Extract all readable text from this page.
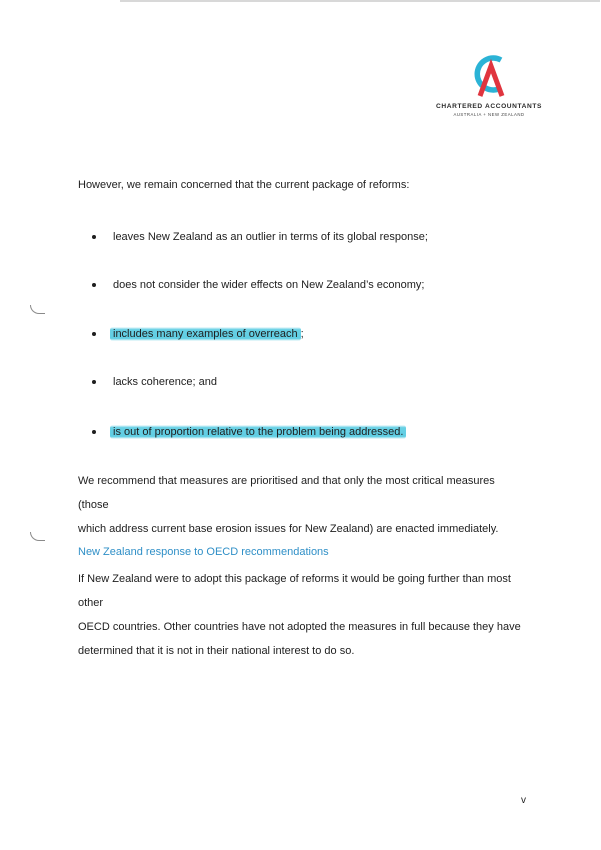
CHARTERED ACCOUNTANTS
AUSTRALIA + NEW ZEALAND
However, we remain concerned that the current package of reforms:
leaves New Zealand as an outlier in terms of its global response;
does not consider the wider effects on New Zealand’s economy;
includes many examples of overreach ;
lacks coherence; and
is out of proportion relative to the problem being addressed.
We recommend that measures are prioritised and that only the most critical measures (those
which address current base erosion issues for New Zealand) are enacted immediately.
New Zealand response to OECD recommendations
If New Zealand were to adopt this package of reforms it would be going further than most other
OECD countries. Other countries have not adopted the measures in full because they have
determined that it is not in their national interest to do so.
v
